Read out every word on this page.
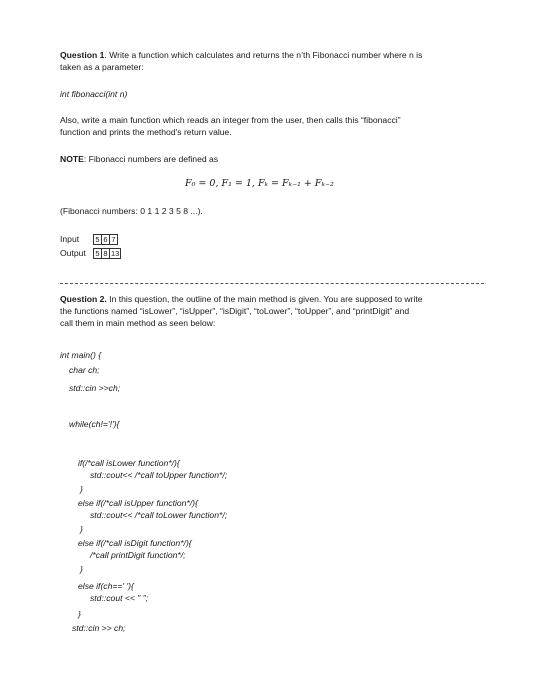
Question 1. Write a function which calculates and returns the n’th Fibonacci number where n is
taken as a parameter:
int fibonacci(int n)
Also, write a main function which reads an integer from the user, then calls this “fibonacci”
function and prints the method's return value.
NOTE: Fibonacci numbers are defined as
F₀ = 0, F₁ = 1, Fₖ = Fₖ₋₁ + Fₖ₋₂
(Fibonacci numbers: 0 1 1 2 3 5 8 ...).
Input	5 6 7
Output	5 8 13
Question 2. In this question, the outline of the main method is given. You are supposed to write
the functions named “isLower”, “isUpper”, “isDigit”, “toLower”, “toUpper”, and “printDigit” and
call them in main method as seen below:
int main() {
char ch;
std::cin >>ch;
while(ch!='!'){
if(/*call isLower function*/){
std::cout<< /*call toUpper function*/;
}
else if(/*call isUpper function*/){
std::cout<< /*call toLower function*/;
}
else if(/*call isDigit function*/){
/*call printDigit function*/;
}
else if(ch==' '){
std::cout << " ";
}
std::cin >> ch;
